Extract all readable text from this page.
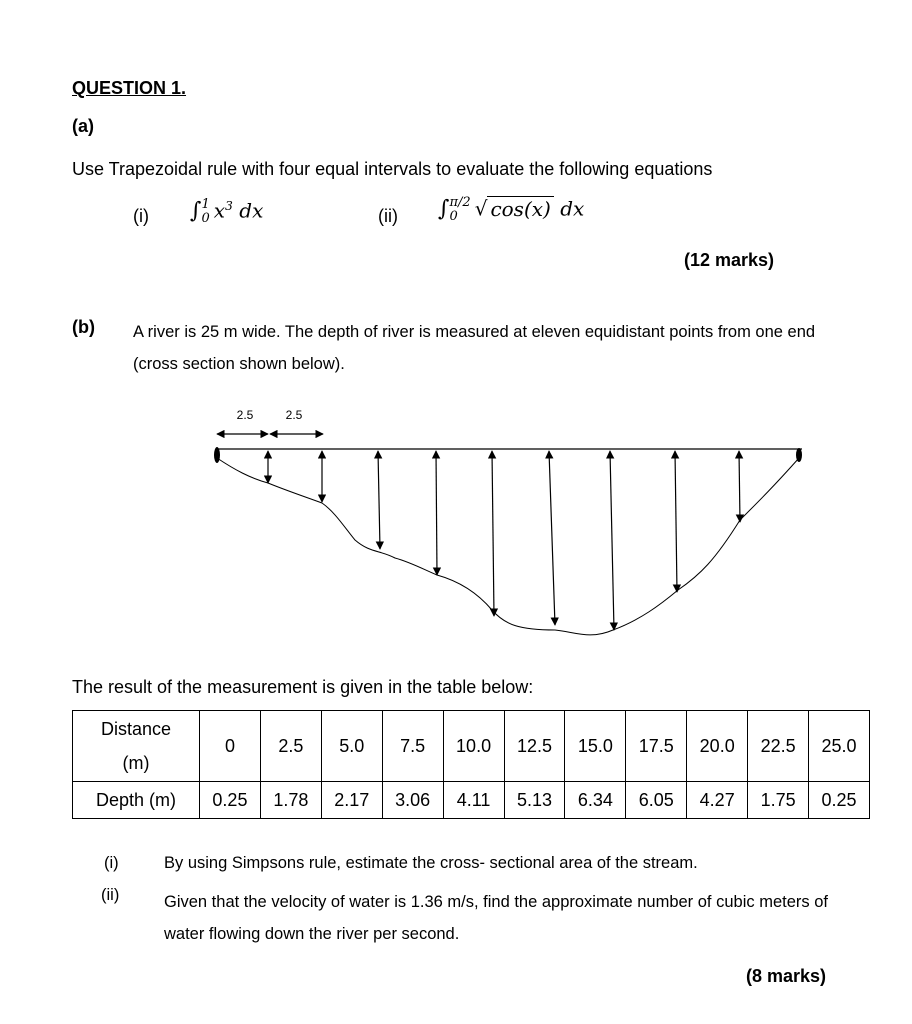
QUESTION 1.
(a)
Use Trapezoidal rule with four equal intervals to evaluate the following equations
(i) ∫1
0 $x^3$ dx	(ii) ∫π/2
0 √ cos(x) dx
(12 marks)
(b) A river is 25 m wide. The depth of river is measured at eleven equidistant points from one end (cross section shown below).
2.5	2.5
The result of the measurement is given in the table below:
Distance
(m)	0	2.5	5.0	7.5	10.0	12.5	15.0	17.5	20.0	22.5	25.0
Depth (m)	0.25	1.78	2.17	3.06	4.11	5.13	6.34	6.05	4.27	1.75	0.25
(i)	By using Simpsons rule, estimate the cross- sectional area of the stream.
(ii)	Given that the velocity of water is 1.36 m/s, find the approximate number of cubic meters of water flowing down the river per second.
(8 marks)
